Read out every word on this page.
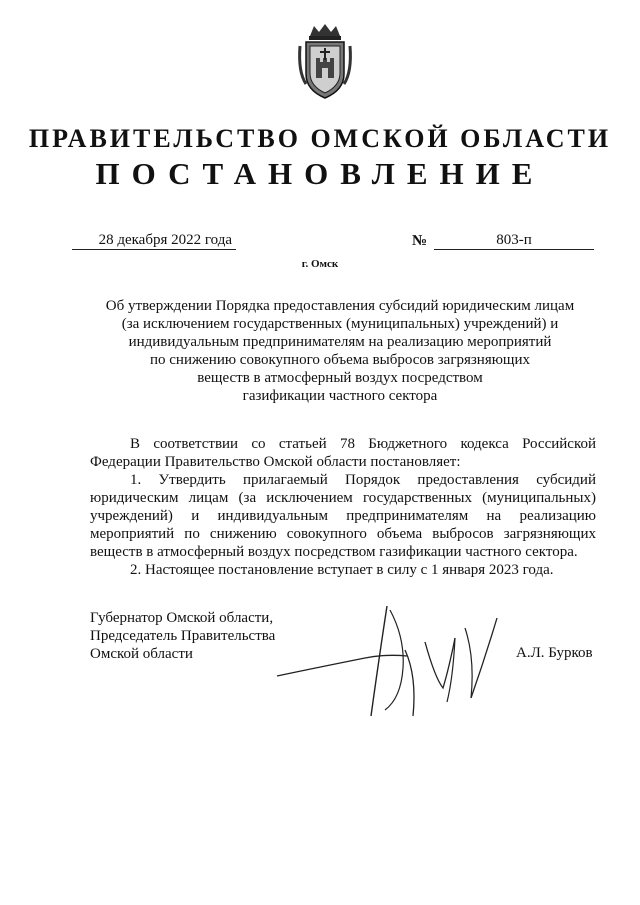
ПРАВИТЕЛЬСТВО ОМСКОЙ ОБЛАСТИ
ПОСТАНОВЛЕНИЕ
28 декабря 2022 года	№	803-п
г. Омск
Об утверждении Порядка предоставления субсидий юридическим лицам
(за исключением государственных (муниципальных) учреждений) и
индивидуальным предпринимателям на реализацию мероприятий
по снижению совокупного объема выбросов загрязняющих
веществ в атмосферный воздух посредством
газификации частного сектора

В соответствии со статьей 78 Бюджетного кодекса Российской Федерации Правительство Омской области постановляет:

1. Утвердить прилагаемый Порядок предоставления субсидий юридическим лицам (за исключением государственных (муниципальных) учреждений) и индивидуальным предпринимателям на реализацию мероприятий по снижению совокупного объема выбросов загрязняющих веществ в атмосферный воздух посредством газификации частного сектора.

2. Настоящее постановление вступает в силу с 1 января 2023 года.

Губернатор Омской области,
Председатель Правительства
Омской области	А.Л. Бурков
